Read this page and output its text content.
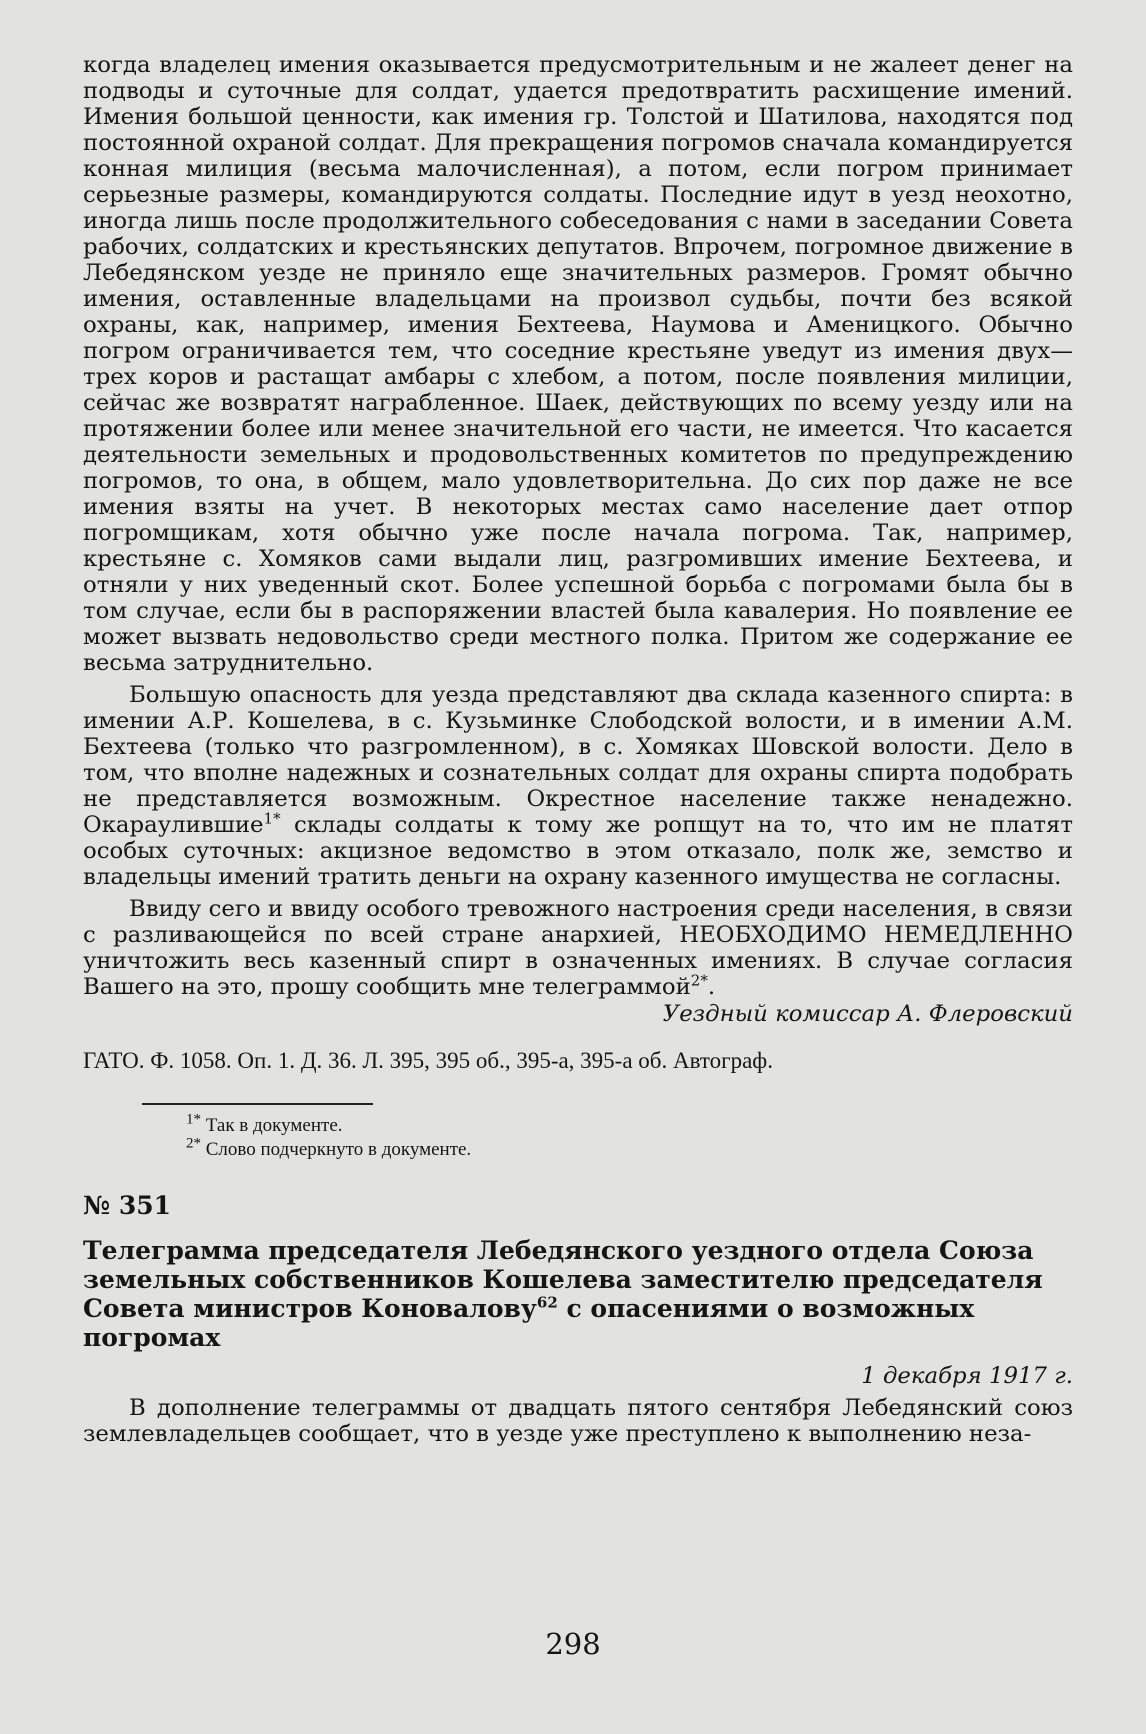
когда владелец имения оказывается предусмотрительным и не жалеет денег на подводы и суточные для солдат, удается предотвратить расхищение имений. Имения большой ценности, как имения гр. Толстой и Шатилова, находятся под постоянной охраной солдат. Для прекращения погромов сначала командируется конная милиция (весьма малочисленная), а потом, если погром принимает серьезные размеры, командируются солдаты. Последние идут в уезд неохотно, иногда лишь после продолжительного собеседования с нами в заседании Совета рабочих, солдатских и крестьянских депутатов. Впрочем, погромное движение в Лебедянском уезде не приняло еще значительных размеров. Громят обычно имения, оставленные владельцами на произвол судьбы, почти без всякой охраны, как, например, имения Бехтеева, Наумова и Аменицкого. Обычно погром ограничивается тем, что соседние крестьяне уведут из имения двух—трех коров и растащат амбары с хлебом, а потом, после появления милиции, сейчас же возвратят награбленное. Шаек, действующих по всему уезду или на протяжении более или менее значительной его части, не имеется. Что касается деятельности земельных и продовольственных комитетов по предупреждению погромов, то она, в общем, мало удовлетворительна. До сих пор даже не все имения взяты на учет. В некоторых местах само население дает отпор погромщикам, хотя обычно уже после начала погрома. Так, например, крестьяне с. Хомяков сами выдали лиц, разгромивших имение Бехтеева, и отняли у них уведенный скот. Более успешной борьба с погромами была бы в том случае, если бы в распоряжении властей была кавалерия. Но появление ее может вызвать недовольство среди местного полка. Притом же содержание ее весьма затруднительно.

Большую опасность для уезда представляют два склада казенного спирта: в имении А.Р. Кошелева, в с. Кузьминке Слободской волости, и в имении А.М. Бехтеева (только что разгромленном), в с. Хомяках Шовской волости. Дело в том, что вполне надежных и сознательных солдат для охраны спирта подобрать не представляется возможным. Окрестное население также ненадежно. Окараулившие$^{1*}$ склады солдаты к тому же ропщут на то, что им не платят особых суточных: акцизное ведомство в этом отказало, полк же, земство и владельцы имений тратить деньги на охрану казенного имущества не согласны.

Ввиду сего и ввиду особого тревожного настроения среди населения, в связи с разливающейся по всей стране анархией, НЕОБХОДИМО НЕМЕДЛЕННО уничтожить весь казенный спирт в означенных имениях. В случае согласия Вашего на это, прошу сообщить мне телеграммой$^{2*}$.

Уездный комиссар А. Флеровский

ГАТО. Ф. 1058. Оп. 1. Д. 36. Л. 395, 395 об., 395-а, 395-а об. Автограф.

$^{1*}$ Так в документе.

$^{2*}$ Слово подчеркнуто в документе.

№ 351
Телеграмма председателя Лебедянского уездного отдела Союза земельных собственников Кошелева заместителю председателя Совета министров Коновалову$^{62}$ с опасениями о возможных погромах

1 декабря 1917 г.

В дополнение телеграммы от двадцать пятого сентября Лебедянский союз землевладельцев сообщает, что в уезде уже преступлено к выполнению неза-

298
